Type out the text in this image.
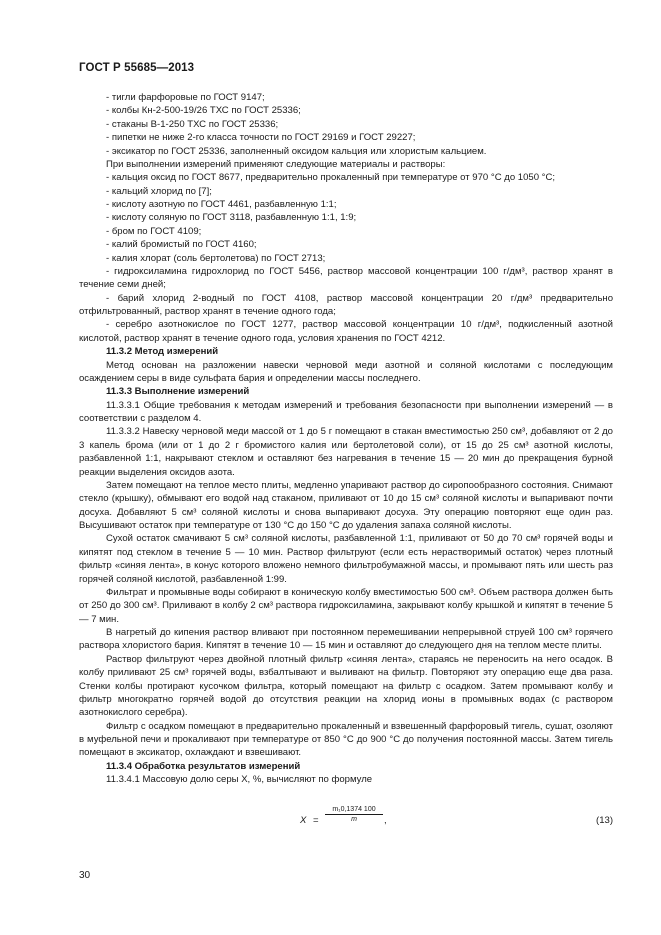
ГОСТ Р 55685—2013

- тигли фарфоровые по ГОСТ 9147;

- колбы Кн-2-500-19/26 ТХС по ГОСТ 25336;

- стаканы В-1-250 ТХС по ГОСТ 25336;

- пипетки не ниже 2-го класса точности по ГОСТ 29169 и ГОСТ 29227;

- эксикатор по ГОСТ 25336, заполненный оксидом кальция или хлористым кальцием.

При выполнении измерений применяют следующие материалы и растворы:

- кальция оксид по ГОСТ 8677, предварительно прокаленный при температуре от 970 °С до 1050 °С;

- кальций хлорид по [7];

- кислоту азотную по ГОСТ 4461, разбавленную 1:1;

- кислоту соляную по ГОСТ 3118, разбавленную 1:1, 1:9;

- бром по ГОСТ 4109;

- калий бромистый по ГОСТ 4160;

- калия хлорат (соль бертолетова) по ГОСТ 2713;

- гидроксиламина гидрохлорид по ГОСТ 5456, раствор массовой концентрации 100 г/дм³, раствор хранят в течение семи дней;

- барий хлорид 2-водный по ГОСТ 4108, раствор массовой концентрации 20 г/дм³ предварительно отфильтрованный, раствор хранят в течение одного года;

- серебро азотнокислое по ГОСТ 1277, раствор массовой концентрации 10 г/дм³, подкисленный азотной кислотой, раствор хранят в течение одного года, условия хранения по ГОСТ 4212.

11.3.2 Метод измерений

Метод основан на разложении навески черновой меди азотной и соляной кислотами с последующим осаждением серы в виде сульфата бария и определении массы последнего.

11.3.3 Выполнение измерений

11.3.3.1 Общие требования к методам измерений и требования безопасности при выполнении измерений — в соответствии с разделом 4.

11.3.3.2 Навеску черновой меди массой от 1 до 5 г помещают в стакан вместимостью 250 см³, добавляют от 2 до 3 капель брома (или от 1 до 2 г бромистого калия или бертолетовой соли), от 15 до 25 см³ азотной кислоты, разбавленной 1:1, накрывают стеклом и оставляют без нагревания в течение 15 — 20 мин до прекращения бурной реакции выделения оксидов азота.

Затем помещают на теплое место плиты, медленно упаривают раствор до сиропообразного состояния. Снимают стекло (крышку), обмывают его водой над стаканом, приливают от 10 до 15 см³ соляной кислоты и выпаривают почти досуха. Добавляют 5 см³ соляной кислоты и снова выпаривают досуха. Эту операцию повторяют еще один раз. Высушивают остаток при температуре от 130 °С до 150 °С до удаления запаха соляной кислоты.

Сухой остаток смачивают 5 см³ соляной кислоты, разбавленной 1:1, приливают от 50 до 70 см³ горячей воды и кипятят под стеклом в течение 5 — 10 мин. Раствор фильтруют (если есть нерастворимый остаток) через плотный фильтр «синяя лента», в конус которого вложено немного фильтробумажной массы, и промывают пять или шесть раз горячей соляной кислотой, разбавленной 1:99.

Фильтрат и промывные воды собирают в коническую колбу вместимостью 500 см³. Объем раствора должен быть от 250 до 300 см³. Приливают в колбу 2 см³ раствора гидроксиламина, закрывают колбу крышкой и кипятят в течение 5 — 7 мин.

В нагретый до кипения раствор вливают при постоянном перемешивании непрерывной струей 100 см³ горячего раствора хлористого бария. Кипятят в течение 10 — 15 мин и оставляют до следующего дня на теплом месте плиты.

Раствор фильтруют через двойной плотный фильтр «синяя лента», стараясь не переносить на него осадок. В колбу приливают 25 см³ горячей воды, взбалтывают и выливают на фильтр. Повторяют эту операцию еще два раза. Стенки колбы протирают кусочком фильтра, который помещают на фильтр с осадком. Затем промывают колбу и фильтр многократно горячей водой до отсутствия реакции на хлорид ионы в промывных водах (с раствором азотнокислого серебра).

Фильтр с осадком помещают в предварительно прокаленный и взвешенный фарфоровый тигель, сушат, озоляют в муфельной печи и прокаливают при температуре от 850 °С до 900 °С до получения постоянной массы. Затем тигель помещают в эксикатор, охлаждают и взвешивают.

11.3.4 Обработка результатов измерений

11.3.4.1 Массовую долю серы X, %, вычисляют по формуле

$X = \frac{\text{m₁0,1374 100}}{m}$ ,	(13)
30
